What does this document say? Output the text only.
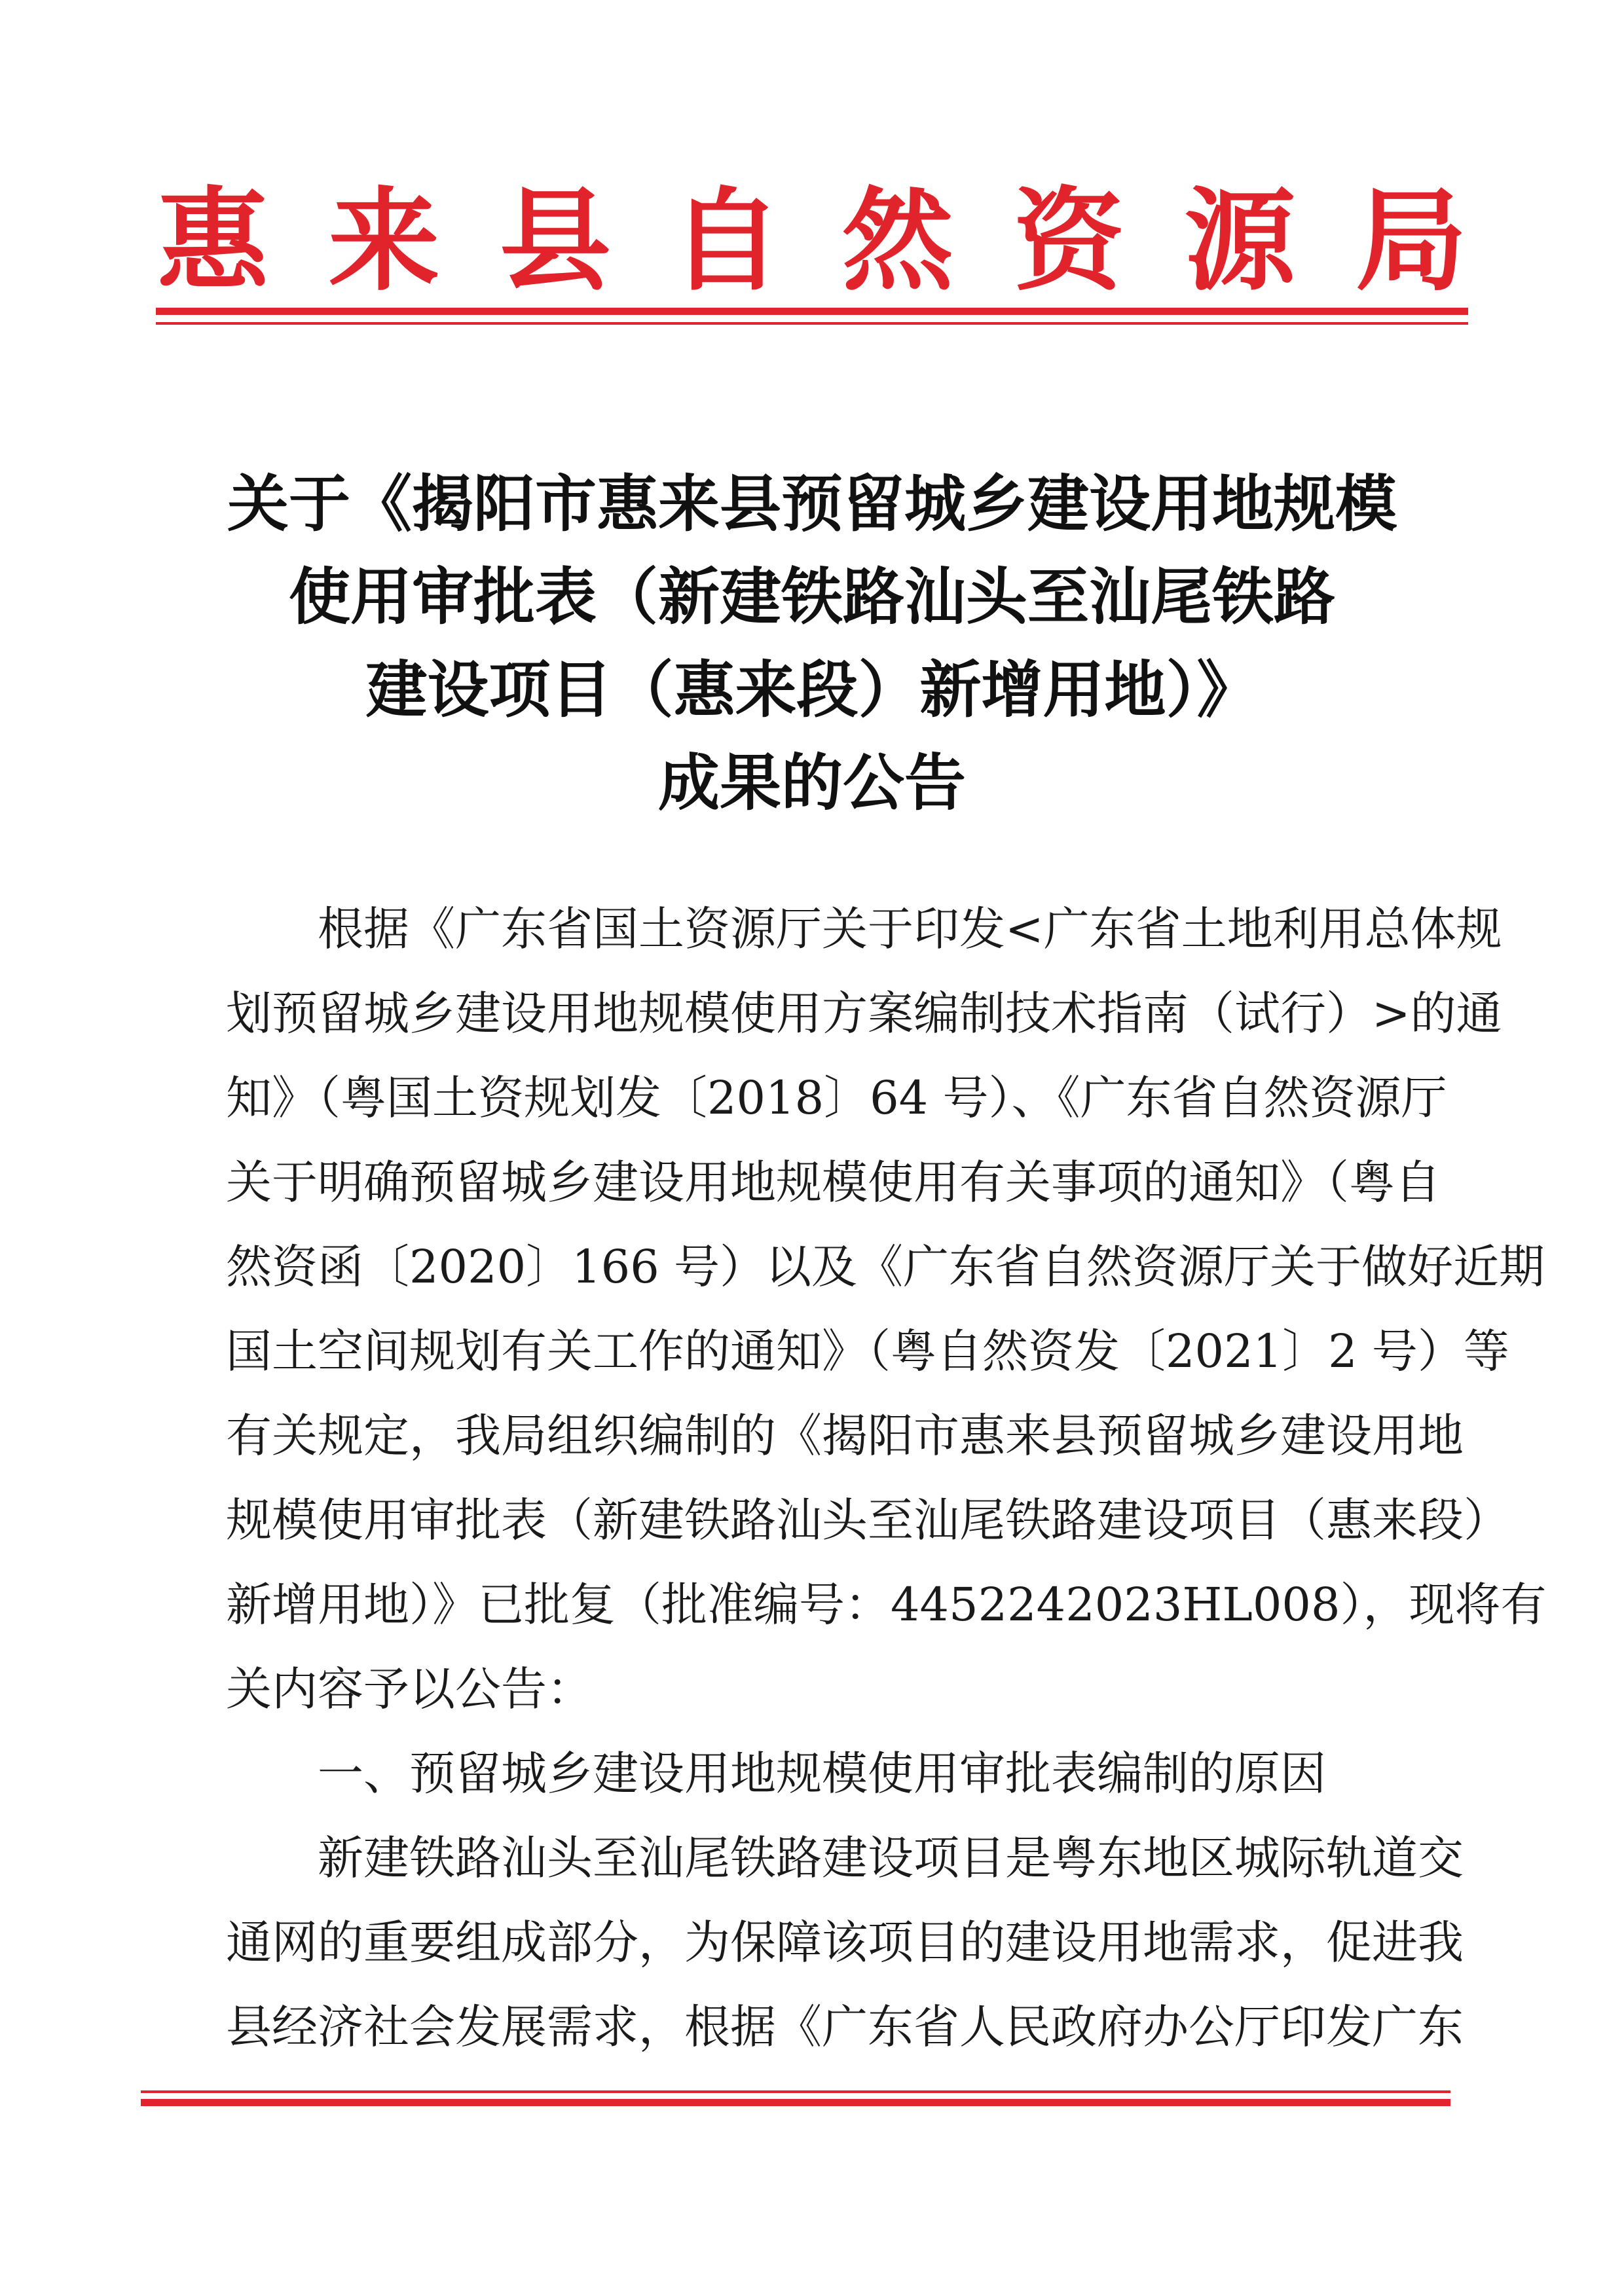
惠 来 县 自 然 资 源 局
关于《揭阳市惠来县预留城乡建设用地规模
使用审批表（新建铁路汕头至汕尾铁路
建设项目（惠来段）新增用地）》
成果的公告
根据《广东省国土资源厅关于印发<广东省土地利用总体规
划预留城乡建设用地规模使用方案编制技术指南（试行）>的通
知》（粤国土资规划发〔2018〕64 号）、《广东省自然资源厅
关于明确预留城乡建设用地规模使用有关事项的通知》（粤自
然资函〔2020〕166 号）以及《广东省自然资源厅关于做好近期
国土空间规划有关工作的通知》（粤自然资发〔2021〕2 号）等
有关规定，我局组织编制的《揭阳市惠来县预留城乡建设用地
规模使用审批表（新建铁路汕头至汕尾铁路建设项目（惠来段）
新增用地）》已批复（批准编号：4452242023HL008），现将有
关内容予以公告：
一、预留城乡建设用地规模使用审批表编制的原因
新建铁路汕头至汕尾铁路建设项目是粤东地区城际轨道交
通网的重要组成部分，为保障该项目的建设用地需求，促进我
县经济社会发展需求，根据《广东省人民政府办公厅印发广东
